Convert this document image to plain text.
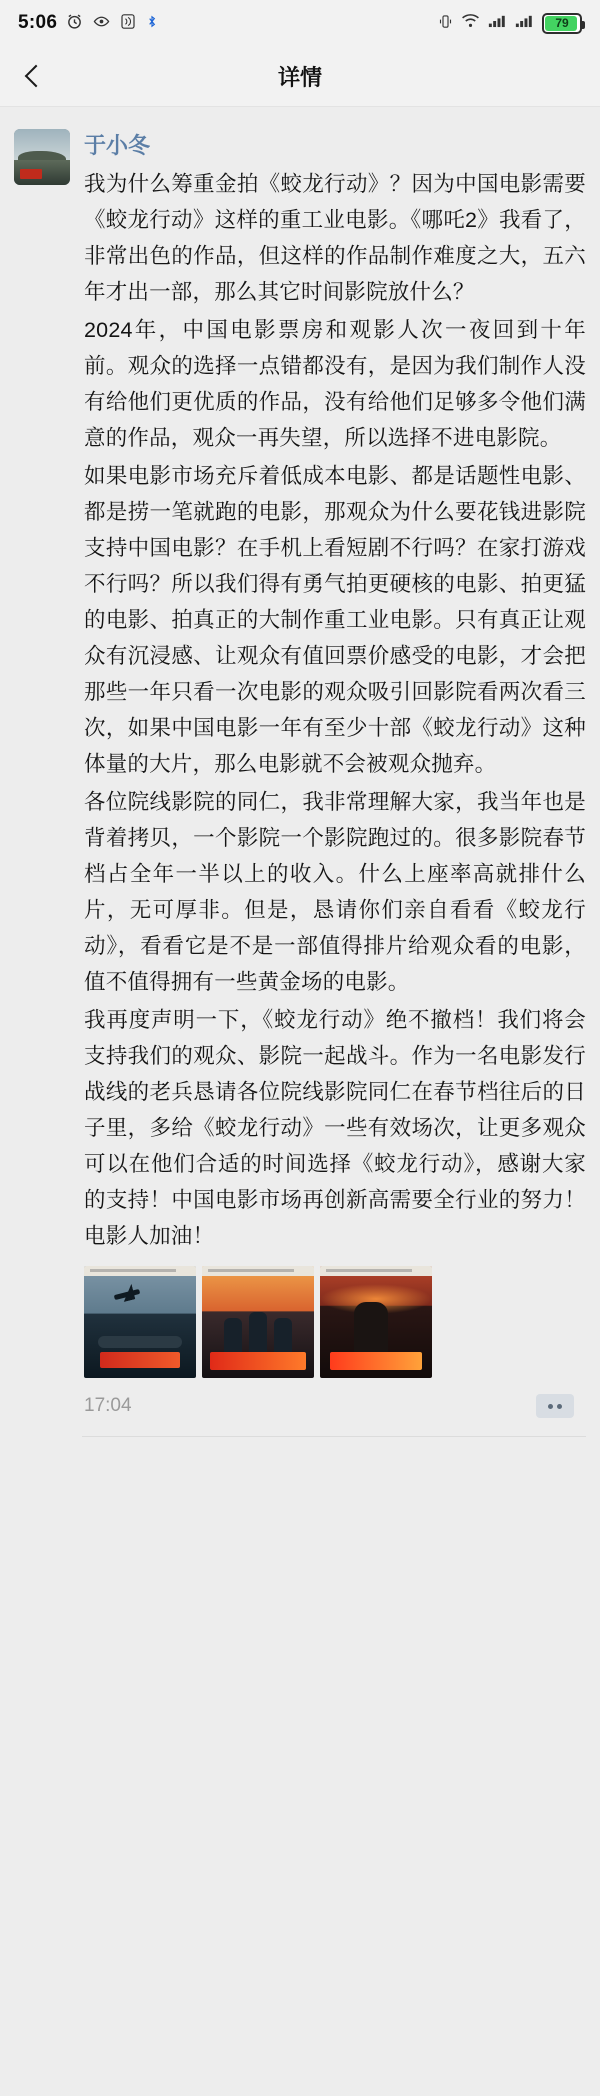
5:06	79
详情
于小冬

我为什么筹重金拍《蛟龙行动》？因为中国电影需要《蛟龙行动》这样的重工业电影。《哪吒2》我看了，非常出色的作品，但这样的作品制作难度之大，五六年才出一部，那么其它时间影院放什么？

2024年，中国电影票房和观影人次一夜回到十年前。观众的选择一点错都没有，是因为我们制作人没有给他们更优质的作品，没有给他们足够多令他们满意的作品，观众一再失望，所以选择不进电影院。

如果电影市场充斥着低成本电影、都是话题性电影、都是捞一笔就跑的电影，那观众为什么要花钱进影院支持中国电影？在手机上看短剧不行吗？在家打游戏不行吗？所以我们得有勇气拍更硬核的电影、拍更猛的电影、拍真正的大制作重工业电影。只有真正让观众有沉浸感、让观众有值回票价感受的电影，才会把那些一年只看一次电影的观众吸引回影院看两次看三次，如果中国电影一年有至少十部《蛟龙行动》这种体量的大片，那么电影就不会被观众抛弃。

各位院线影院的同仁，我非常理解大家，我当年也是背着拷贝，一个影院一个影院跑过的。很多影院春节档占全年一半以上的收入。什么上座率高就排什么片，无可厚非。但是，恳请你们亲自看看《蛟龙行动》，看看它是不是一部值得排片给观众看的电影，值不值得拥有一些黄金场的电影。

我再度声明一下，《蛟龙行动》绝不撤档！我们将会支持我们的观众、影院一起战斗。作为一名电影发行战线的老兵恳请各位院线影院同仁在春节档往后的日子里，多给《蛟龙行动》一些有效场次，让更多观众可以在他们合适的时间选择《蛟龙行动》，感谢大家的支持！中国电影市场再创新高需要全行业的努力！电影人加油！

17:04
